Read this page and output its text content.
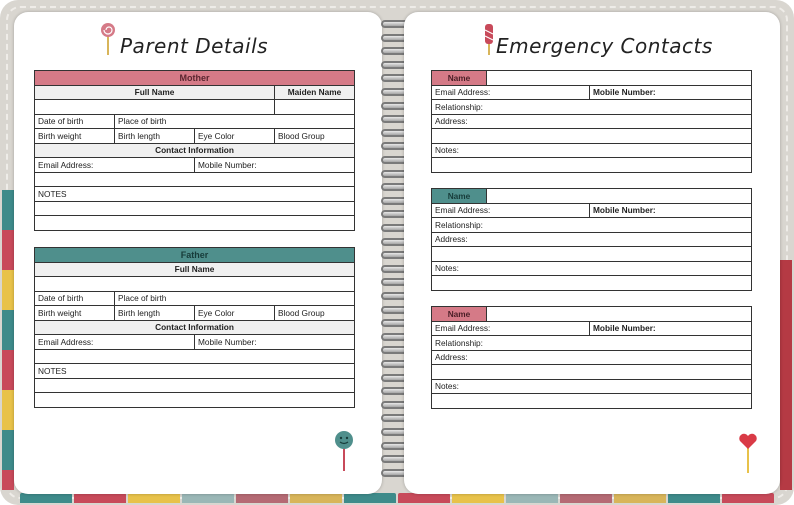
Parent Details
Mother			
Full Name			Maiden Name

Date of birth	Place of birth		
Birth weight	Birth length	Eye Color	Blood Group
Contact Information			
Email Address:		Mobile Number:	

NOTES			

Father			
Full Name			

Date of birth	Place of birth		
Birth weight	Birth length	Eye Color	Blood Group
Contact Information			
Email Address:		Mobile Number:	

NOTES			

Emergency Contacts
Name		
Email Address:		Mobile Number:
Relationship:		
Address:		

Notes:		

Name		
Email Address:		Mobile Number:
Relationship:		
Address:		

Notes:		

Name		
Email Address:		Mobile Number:
Relationship:		
Address:		

Notes:		
